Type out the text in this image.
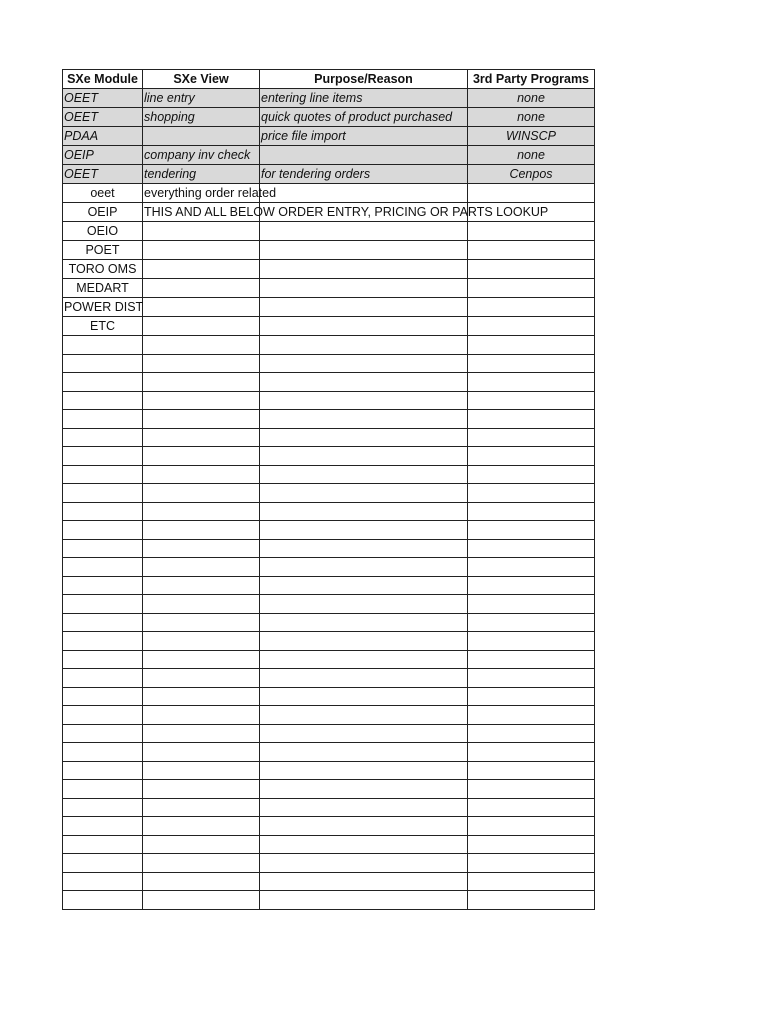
SXe Module	SXe View	Purpose/Reason	3rd Party Programs
OEET	line entry	entering line items	none
OEET	shopping	quick quotes of product purchased	none
PDAA		price file import	WINSCP
OEIP	company inv check		none
OEET	tendering	for tendering orders	Cenpos
oeet	everything order related		
OEIP	THIS AND ALL BELOW ORDER ENTRY, PRICING OR PARTS LOOKUP		
OEIO			
POET			
TORO OMS			
MEDART			
POWER DIST			
ETC			
